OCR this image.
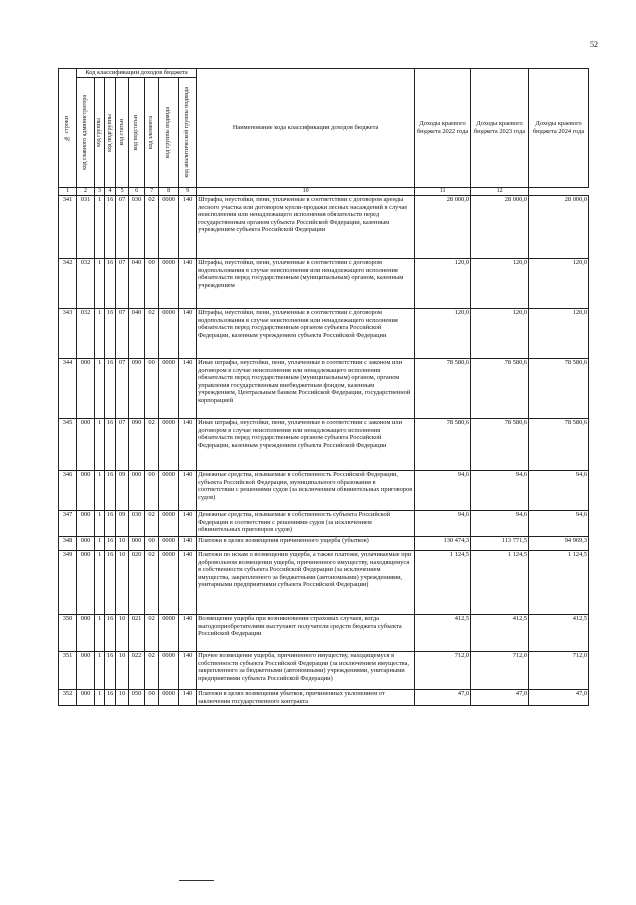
52
№ строки	Код классификации доходов бюджета								Наименование кода классификации доходов бюджета	Доходы краевого бюджета 2022 года	Доходы краевого бюджета 2023 года	Доходы краевого бюджета 2024 года

	код главного администратора	код группы	код подгруппы	код статьи	код подстатьи	код элемента	код группы подвида	код аналитической группы подвида				

1	2	3	4	5	6	7	8	9	10	11	12
341	031	1	16	07	030	02	0000	140	Штрафы, неустойки, пени, уплаченные в соответствии с договором аренды лесного участка или договором купли-продажи лесных насаждений в случае неисполнения или ненадлежащего исполнения обязательств перед государственным органом субъекта Российской Федерации, казенным учреждением субъекта Российской Федерации	28 000,0	28 000,0	28 000,0
342	032	1	16	07	040	00	0000	140	Штрафы, неустойки, пени, уплаченные в соответствии с договором водопользования в случае неисполнения или ненадлежащего исполнения обязательств перед государственным (муниципальным) органом, казенным учреждением	120,0	120,0	120,0
343	032	1	16	07	040	02	0000	140	Штрафы, неустойки, пени, уплаченные в соответствии с договором водопользования в случае неисполнения или ненадлежащего исполнения обязательств перед государственным органом субъекта Российской Федерации, казенным учреждением субъекта Российской Федерации	120,0	120,0	120,0
344	000	1	16	07	090	00	0000	140	Иные штрафы, неустойки, пени, уплаченные в соответствии с законом или договором в случае неисполнения или ненадлежащего исполнения обязательств перед государственным (муниципальным) органом, органом управления государственным внебюджетным фондом, казенным учреждением, Центральным банком Российской Федерации, государственной корпорацией	78 580,6	78 580,6	78 580,6
345	000	1	16	07	090	02	0000	140	Иные штрафы, неустойки, пени, уплаченные в соответствии с законом или договором в случае неисполнения или ненадлежащего исполнения обязательств перед государственным органом субъекта Российской Федерации, казенным учреждением субъекта Российской Федерации	78 580,6	78 580,6	78 580,6
346	000	1	16	09	000	00	0000	140	Денежные средства, изымаемые в собственность Российской Федерации, субъекта Российской Федерации, муниципального образования в соответствии с решениями судов (за исключением обвинительных приговоров судов)	94,6	94,6	94,6
347	000	1	16	09	030	02	0000	140	Денежные средства, изымаемые в собственность субъекта Российской Федерации в соответствии с решениями судов (за исключением обвинительных приговоров судов)	94,6	94,6	94,6
348	000	1	16	10	000	00	0000	140	Платежи в целях возмещения причиненного ущерба (убытков)	130 474,3	113 771,5	94 969,3
349	000	1	16	10	020	02	0000	140	Платежи по искам о возмещении ущерба, а также платежи, уплачиваемые при добровольном возмещении ущерба, причиненного имуществу, находящемуся в собственности субъекта Российской Федерации (за исключением имущества, закрепленного за бюджетными (автономными) учреждениями, унитарными предприятиями субъекта Российской Федерации)	1 124,5	1 124,5	1 124,5
350	000	1	16	10	021	02	0000	140	Возмещение ущерба при возникновении страховых случаев, когда выгодоприобретателями выступают получатели средств бюджета субъекта Российской Федерации	412,5	412,5	412,5
351	000	1	16	10	022	02	0000	140	Прочее возмещение ущерба, причиненного имуществу, находящемуся в собственности субъекта Российской Федерации (за исключением имущества, закрепленного за бюджетными (автономными) учреждениями, унитарными предприятиями субъекта Российской Федерации)	712,0	712,0	712,0
352	000	1	16	10	050	00	0000	140	Платежи в целях возмещения убытков, причиненных уклонением от заключения государственного контракта	47,0	47,0	47,0
